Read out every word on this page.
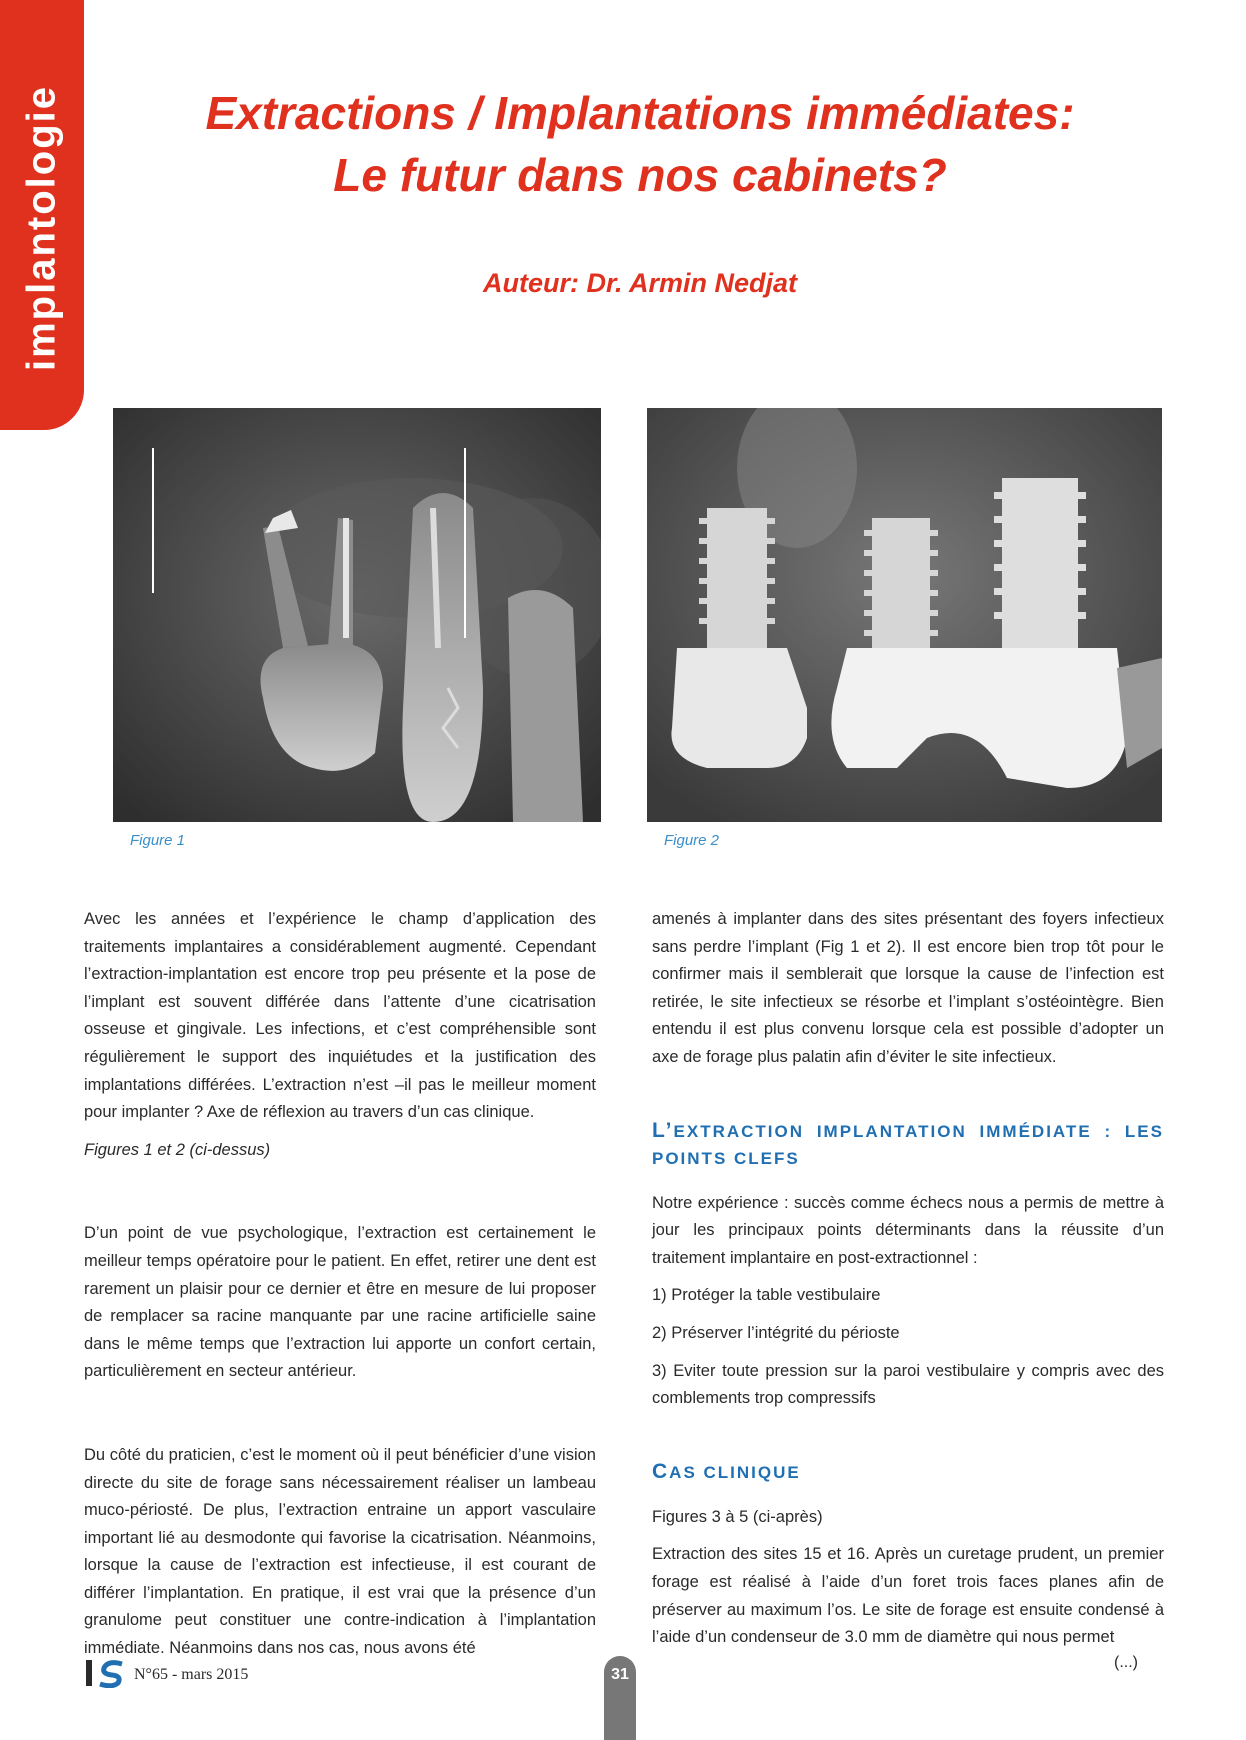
implantologie	Extractions / Implantations immédiates:
Le futur dans nos cabinets?
Auteur: Dr. Armin Nedjat
Figure 1	Figure 2

Avec les années et l’expérience le champ d’application des traitements implantaires a considérablement augmenté. Cependant l’extraction-implantation est encore trop peu présente et la pose de l’implant est souvent différée dans l’attente d’une cicatrisation osseuse et gingivale. Les infections, et c’est compréhensible sont régulièrement le support des inquiétudes et la justification des implantations différées. L’extraction n’est –il pas le meilleur moment pour implanter ? Axe de réflexion au travers d’un cas clinique.

Figures 1 et 2 (ci-dessus)

D’un point de vue psychologique, l’extraction est certainement le meilleur temps opératoire pour le patient. En effet, retirer une dent est rarement un plaisir pour ce dernier et être en mesure de lui proposer de remplacer sa racine manquante par une racine artificielle saine dans le même temps que l’extraction lui apporte un confort certain, particulièrement en secteur antérieur.

Du côté du praticien, c’est le moment où il peut bénéficier d’une vision directe du site de forage sans nécessairement réaliser un lambeau muco-périosté. De plus, l’extraction entraine un apport vasculaire important lié au desmodonte qui favorise la cicatrisation. Néanmoins, lorsque la cause de l’extraction est infectieuse, il est courant de différer l’implantation. En pratique, il est vrai que la présence d’un granulome peut constituer une contre-indication à l’implantation immédiate. Néanmoins dans nos cas, nous avons été

amenés à implanter dans des sites présentant des foyers infectieux sans perdre l’implant (Fig 1 et 2). Il est encore bien trop tôt pour le confirmer mais il semblerait que lorsque la cause de l’infection est retirée, le site infectieux se résorbe et l’implant s’ostéointègre. Bien entendu il est plus convenu lorsque cela est possible d’adopter un axe de forage plus palatin afin d’éviter le site infectieux.

L’EXTRACTION IMPLANTATION IMMÉDIATE : LES POINTS CLEFS

Notre expérience : succès comme échecs nous a permis de mettre à jour les principaux points déterminants dans la réussite d’un traitement implantaire en post-extractionnel :

1) Protéger la table vestibulaire

2) Préserver l’intégrité du périoste

3) Eviter toute pression sur la paroi vestibulaire y compris avec des comblements trop compressifs

CAS CLINIQUE

Figures 3 à 5 (ci-après)

Extraction des sites 15 et 16. Après un curetage prudent, un premier forage est réalisé à l’aide d’un foret trois faces planes afin de préserver au maximum l’os. Le site de forage est ensuite condensé à l’aide d’un condenseur de 3.0 mm de diamètre qui nous permet

IS
N°65 - mars 2015	31
(...)
